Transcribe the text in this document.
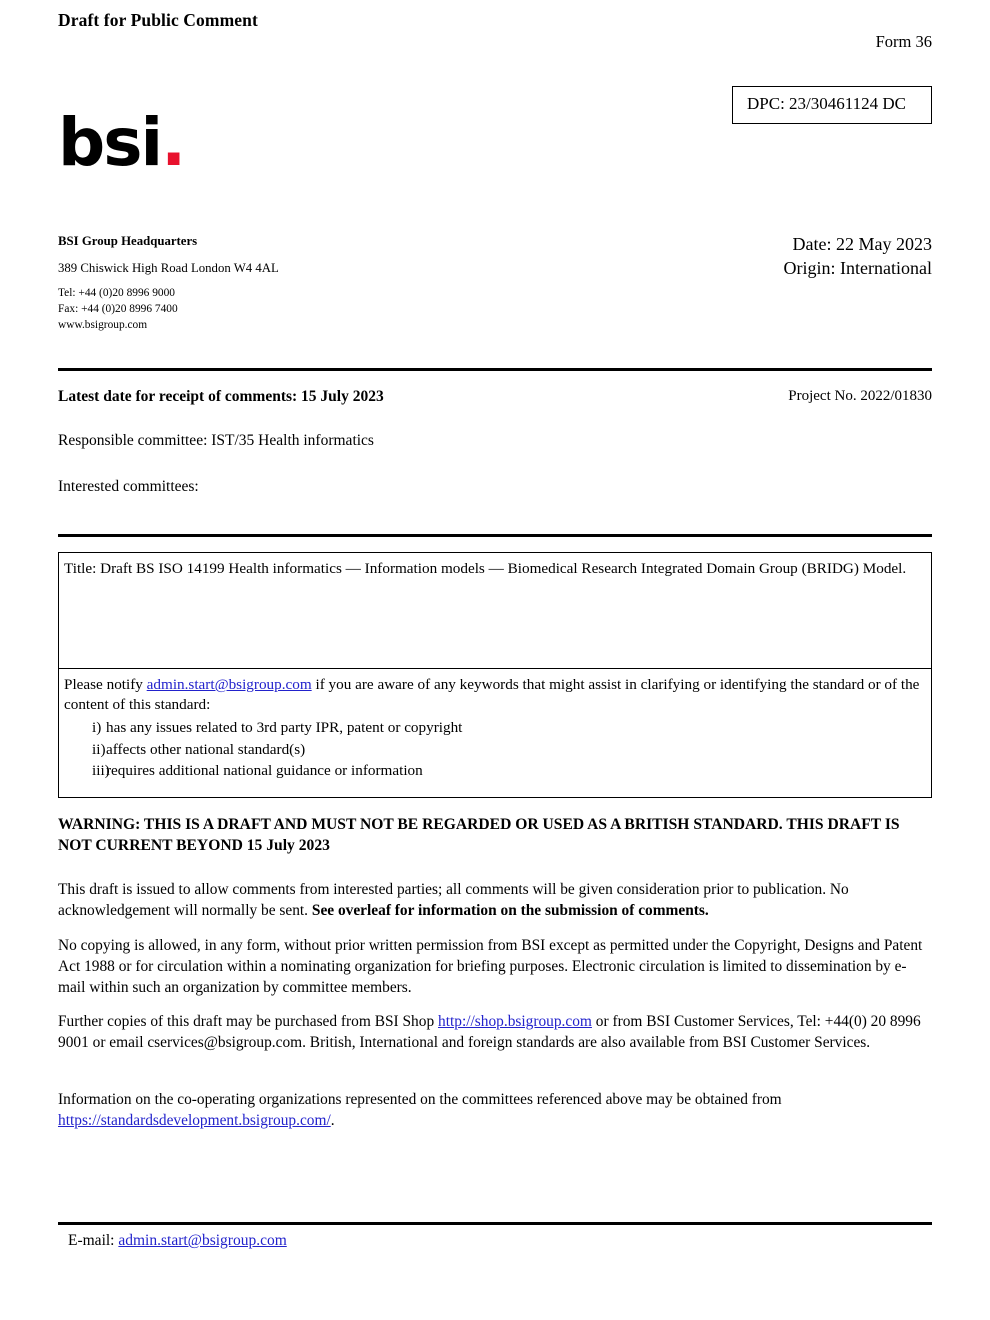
Draft for Public Comment
Form 36
DPC: 23/30461124 DC
bsi.
BSI Group Headquarters
389 Chiswick High Road London W4 4AL
Tel: +44 (0)20 8996 9000
Fax: +44 (0)20 8996 7400
www.bsigroup.com
Date: 22 May 2023
Origin: International
Latest date for receipt of comments: 15 July 2023	Project No. 2022/01830
Responsible committee: IST/35 Health informatics
Interested committees:
Title: Draft BS ISO 14199 Health informatics — Information models — Biomedical Research Integrated Domain Group (BRIDG) Model.
Please notify admin.start@bsigroup.com if you are aware of any keywords that might assist in clarifying or identifying the standard or of the content of this standard:
i) has any issues related to 3rd party IPR, patent or copyright
ii) affects other national standard(s)
iii)
requires additional national guidance or information
WARNING: THIS IS A DRAFT AND MUST NOT BE REGARDED OR USED AS A BRITISH STANDARD. THIS DRAFT IS NOT CURRENT BEYOND 15 July 2023
This draft is issued to allow comments from interested parties; all comments will be given consideration prior to publication. No acknowledgement will normally be sent. See overleaf for information on the submission of comments.
No copying is allowed, in any form, without prior written permission from BSI except as permitted under the Copyright, Designs and Patent Act 1988 or for circulation within a nominating organization for briefing purposes. Electronic circulation is limited to dissemination by e-mail within such an organization by committee members.
Further copies of this draft may be purchased from BSI Shop http://shop.bsigroup.com or from BSI Customer Services, Tel: +44(0) 20 8996 9001 or email cservices@bsigroup.com. British, International and foreign standards are also available from BSI Customer Services.
Information on the co-operating organizations represented on the committees referenced above may be obtained from https://standardsdevelopment.bsigroup.com/.
E-mail: admin.start@bsigroup.com
